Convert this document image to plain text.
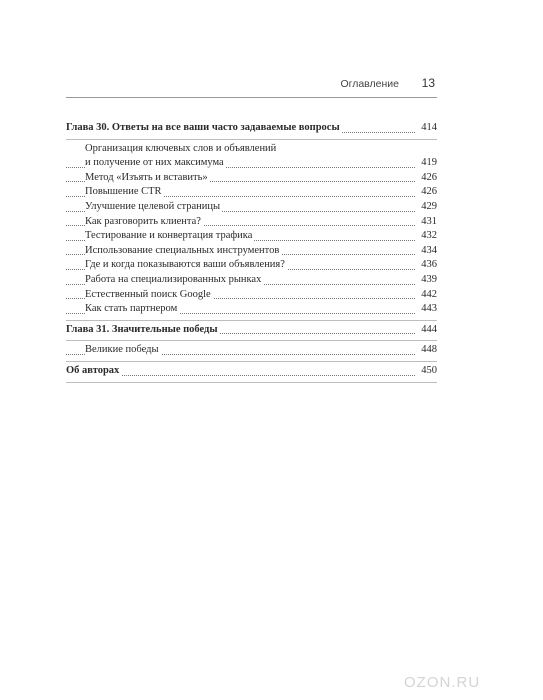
Оглавление 13
Глава 30. Ответы на все ваши часто задаваемые вопросы	414
Организация ключевых слов и объявлений
и получение от них максимума	419
Метод «Изъять и вставить»	426
Повышение CTR	426
Улучшение целевой страницы	429
Как разговорить клиента?	431
Тестирование и конвертация трафика	432
Использование специальных инструментов	434
Где и когда показываются ваши объявления?	436
Работа на специализированных рынках	439
Естественный поиск Google	442
Как стать партнером	443
Глава 31. Значительные победы	444
Великие победы	448
Об авторах	450
OZON.RU
